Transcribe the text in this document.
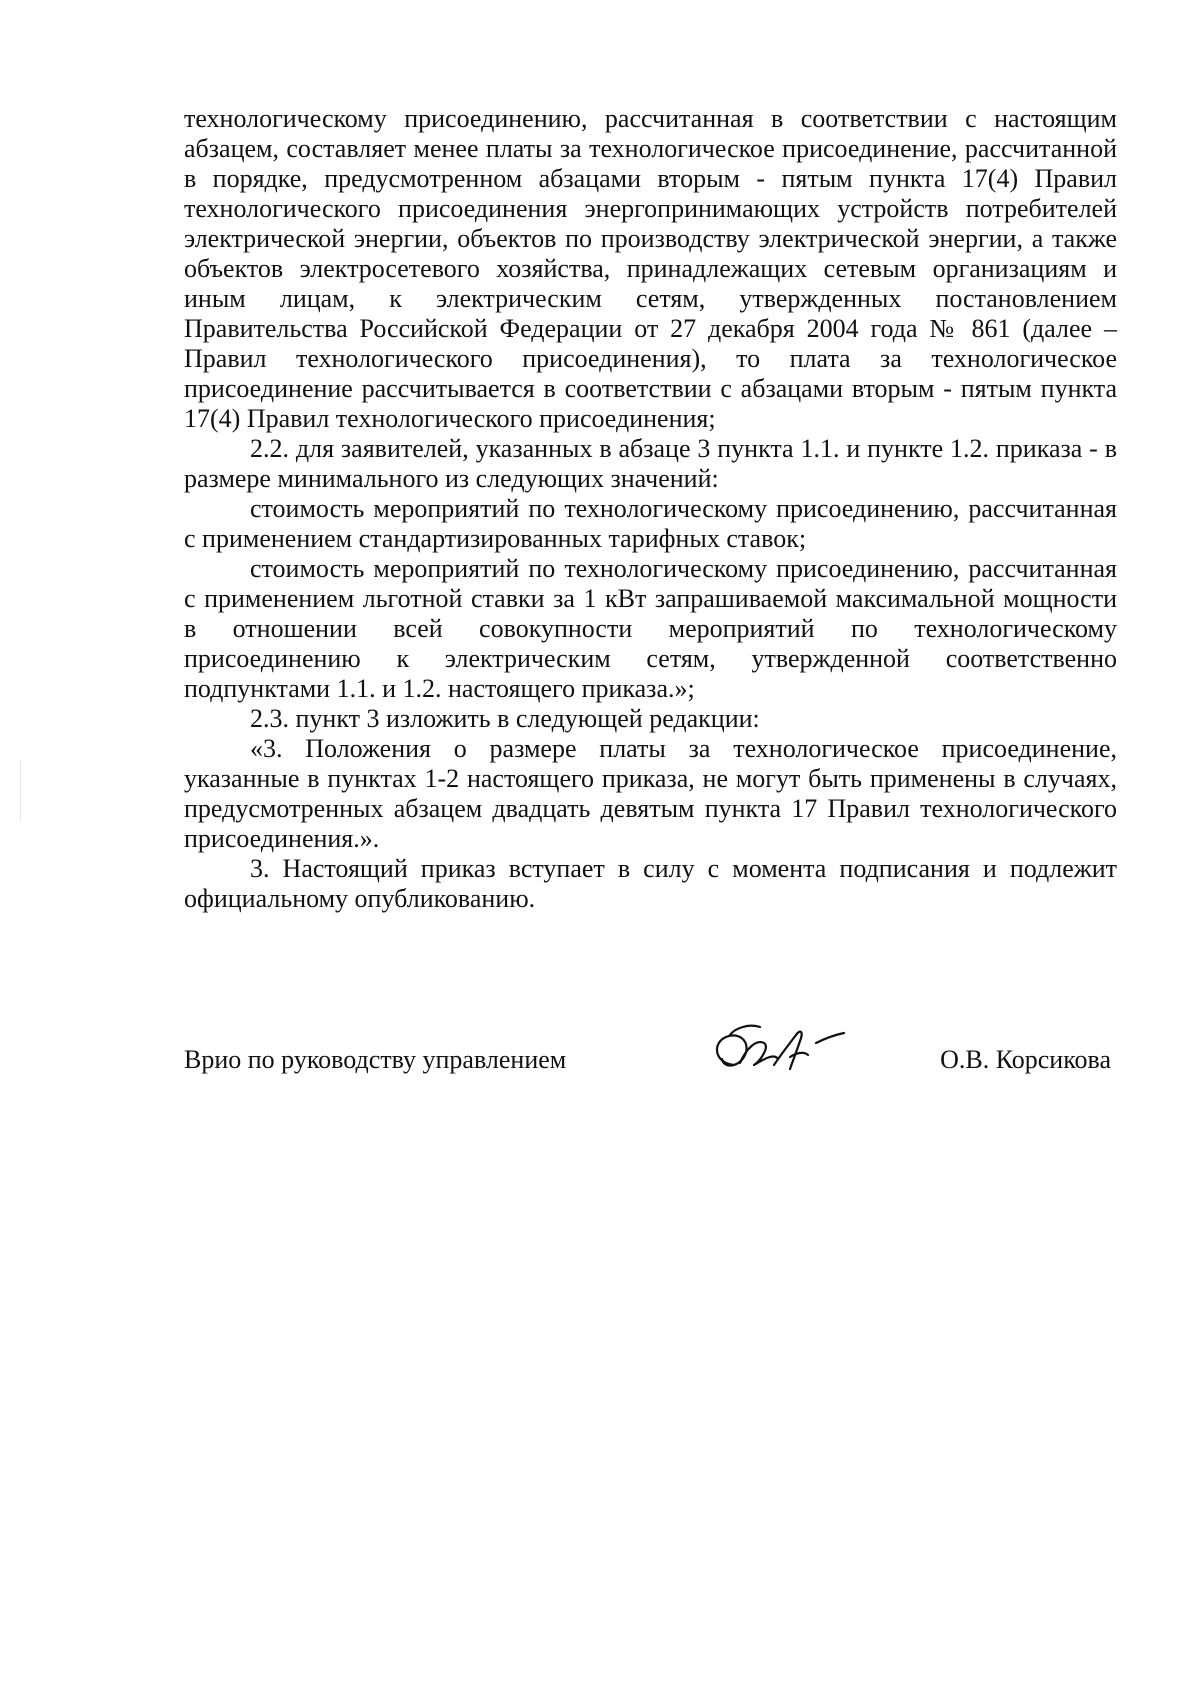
технологическому присоединению, рассчитанная в соответствии с настоящим абзацем, составляет менее платы за технологическое присоединение, рассчитанной в порядке, предусмотренном абзацами вторым - пятым пункта 17(4) Правил технологического присоединения энергопринимающих устройств потребителей электрической энергии, объектов по производству электрической энергии, а также объектов электросетевого хозяйства, принадлежащих сетевым организациям и иным лицам, к электрическим сетям, утвержденных постановлением Правительства Российской Федерации от 27 декабря 2004 года № 861 (далее – Правил технологического присоединения), то плата за технологическое присоединение рассчитывается в соответствии с абзацами вторым - пятым пункта 17(4) Правил технологического присоединения;

2.2. для заявителей, указанных в абзаце 3 пункта 1.1. и пункте 1.2. приказа - в размере минимального из следующих значений:

стоимость мероприятий по технологическому присоединению, рассчитанная с применением стандартизированных тарифных ставок;

стоимость мероприятий по технологическому присоединению, рассчитанная с применением льготной ставки за 1 кВт запрашиваемой максимальной мощности в отношении всей совокупности мероприятий по технологическому присоединению к электрическим сетям, утвержденной соответственно подпунктами 1.1. и 1.2. настоящего приказа.»;

2.3. пункт 3 изложить в следующей редакции:

«3. Положения о размере платы за технологическое присоединение, указанные в пунктах 1-2 настоящего приказа, не могут быть применены в случаях, предусмотренных абзацем двадцать девятым пункта 17 Правил технологического присоединения.».

3. Настоящий приказ вступает в силу с момента подписания и подлежит официальному опубликованию.

Врио по руководству управлением	О.В. Корсикова
